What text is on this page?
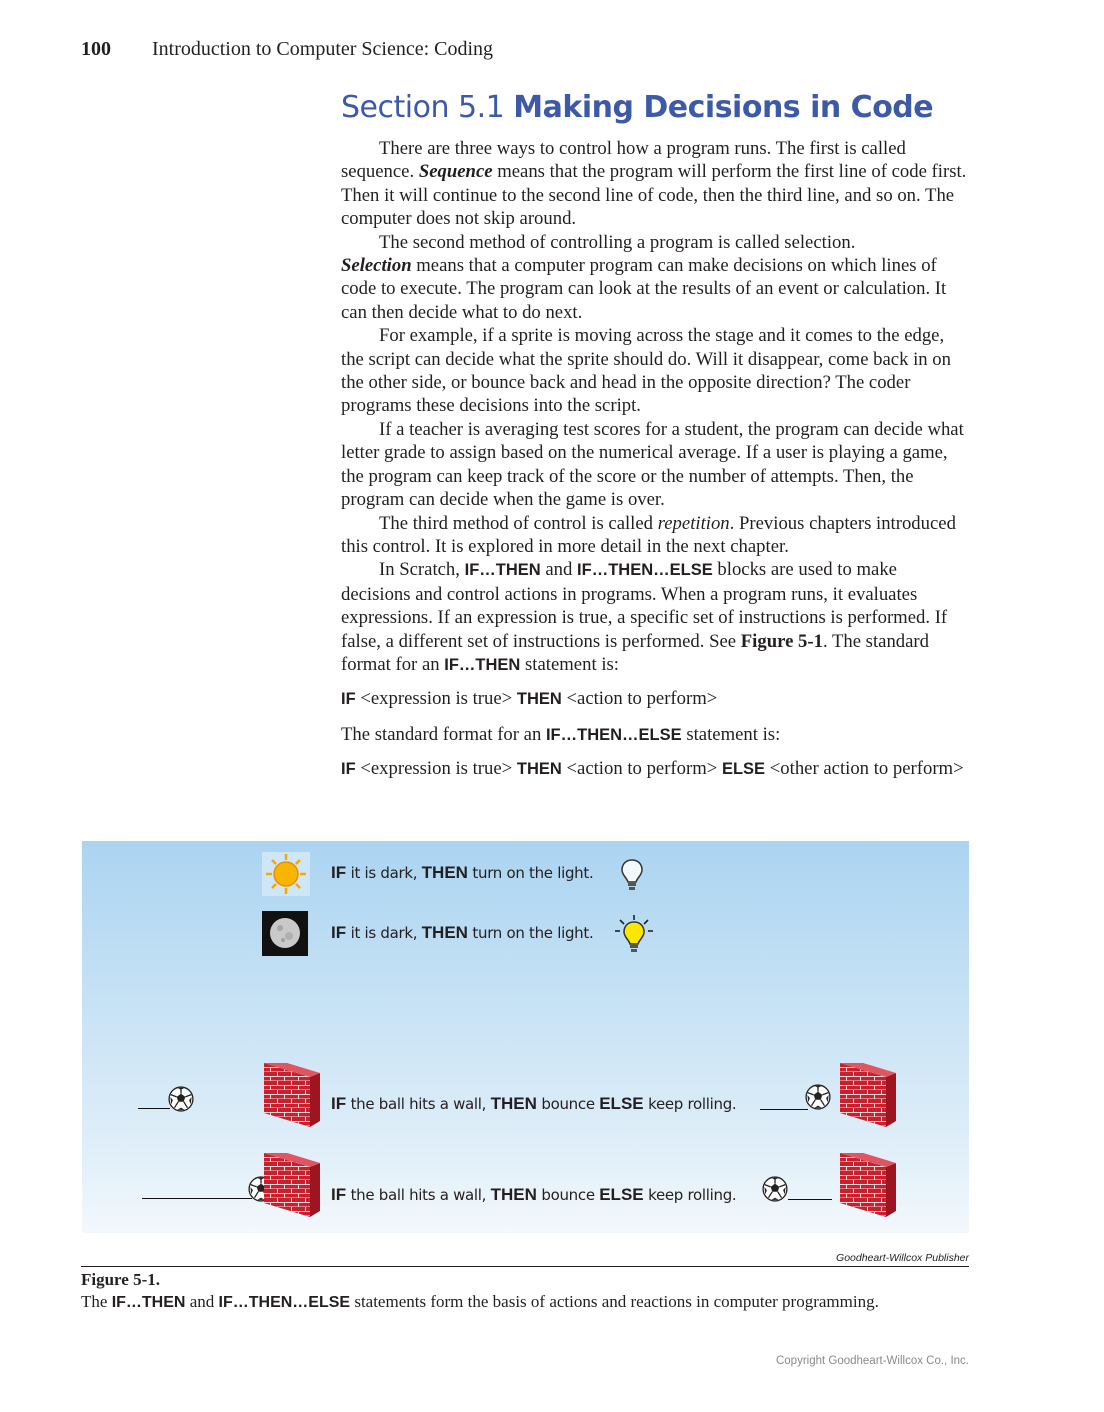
100 Introduction to Computer Science: Coding
Section 5.1 Making Decisions in Code

There are three ways to control how a program runs. The first is called sequence. Sequence means that the program will perform the first line of code first. Then it will continue to the second line of code, then the third line, and so on. The computer does not skip around.

The second method of controlling a program is called selection.
Selection means that a computer program can make decisions on which lines of code to execute. The program can look at the results of an event or calculation. It can then decide what to do next.

For example, if a sprite is moving across the stage and it comes to the edge, the script can decide what the sprite should do. Will it disappear, come back in on the other side, or bounce back and head in the opposite direction? The coder programs these decisions into the script.

If a teacher is averaging test scores for a student, the program can decide what letter grade to assign based on the numerical average. If a user is playing a game, the program can keep track of the score or the number of attempts. Then, the program can decide when the game is over.

The third method of control is called repetition. Previous chapters introduced this control. It is explored in more detail in the next chapter.

In Scratch, IF…THEN and IF…THEN…ELSE blocks are used to make decisions and control actions in programs. When a program runs, it evaluates expressions. If an expression is true, a specific set of instructions is performed. If false, a different set of instructions is performed. See Figure 5-1. The standard format for an IF…THEN statement is:

IF <expression is true> THEN <action to perform>

The standard format for an IF…THEN…ELSE statement is:

IF <expression is true> THEN <action to perform> ELSE <other action to perform>

IF it is dark, THEN turn on the light.
IF it is dark, THEN turn on the light.
IF the ball hits a wall, THEN bounce ELSE keep rolling.
IF the ball hits a wall, THEN bounce ELSE keep rolling.
Goodheart-Willcox Publisher
Figure 5-1.
The IF…THEN and IF…THEN…ELSE statements form the basis of actions and reactions in computer programming.
Copyright Goodheart-Willcox Co., Inc.
